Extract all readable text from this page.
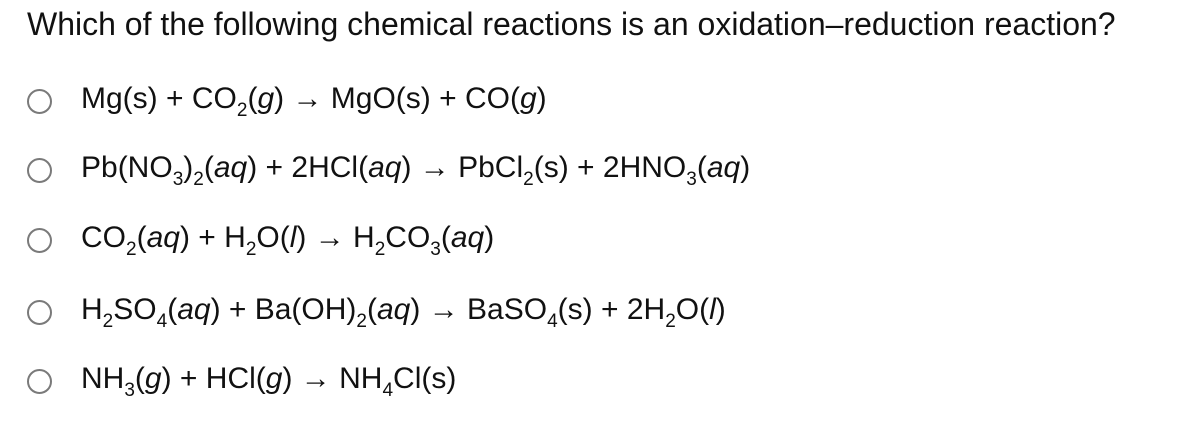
Which of the following chemical reactions is an oxidation–reduction reaction?
$Mg(s) + CO_2(g) \to MgO(s) + CO(g)$
$Pb(NO_3)_2(aq) + 2HCl(aq)$ → PbCl$_2$(s) + $2HNO_3(aq)$
$CO_2(aq) + H_2O(l) \to H_2CO_3(aq)$
$H_2SO_4(aq) + Ba(OH)_2(aq)$ → BaSO$_4$(s) + $2H_2O(l)$
$NH_3(g) + HCl(g) \to NH_4Cl(s)$
